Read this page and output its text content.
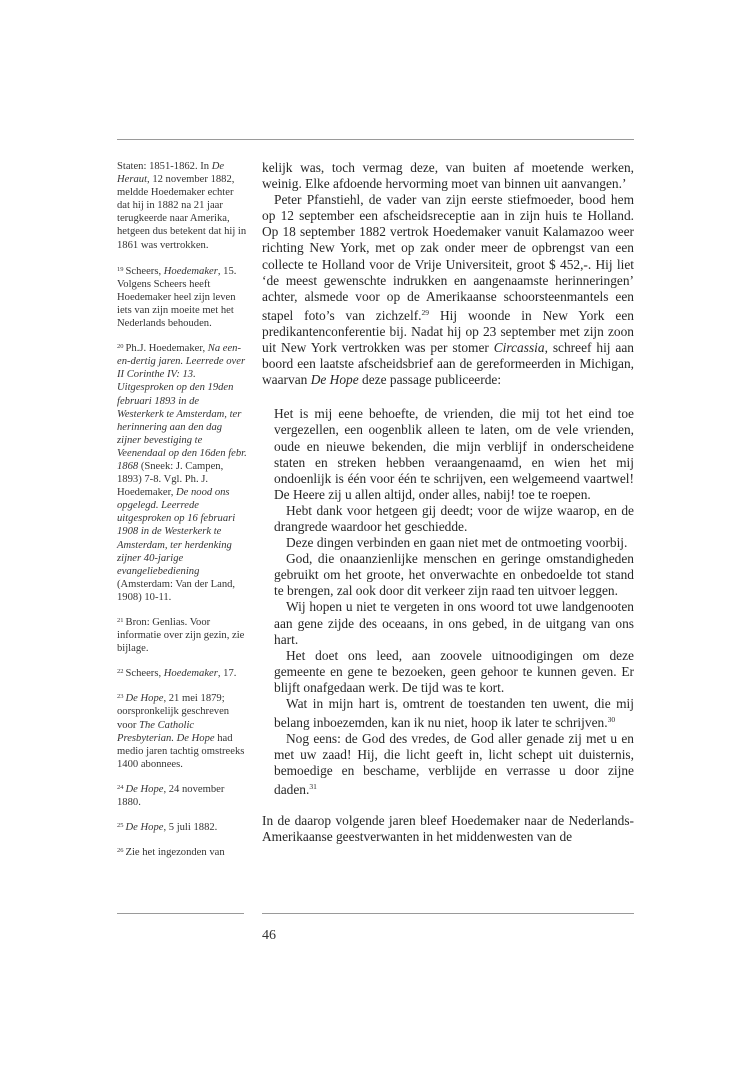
Staten: 1851-1862. In De Heraut, 12 november 1882, meldde Hoedemaker echter dat hij in 1882 na 21 jaar terugkeerde naar Amerika, hetgeen dus betekent dat hij in 1861 was vertrokken.
$^{19}$ Scheers, Hoedemaker, 15. Volgens Scheers heeft Hoedemaker heel zijn leven iets van zijn moeite met het Nederlands behouden.
$^{20}$ Ph.J. Hoedemaker, Na een-en-dertig jaren. Leerrede over II Corinthe IV: 13. Uitgesproken op den 19den februari 1893 in de Westerkerk te Amsterdam, ter herinnering aan den dag zijner bevestiging te Veenendaal op den 16den febr. 1868 (Sneek: J. Campen, 1893) 7-8. Vgl. Ph. J. Hoedemaker, De nood ons opgelegd. Leerrede uitgesproken op 16 februari 1908 in de Westerkerk te Amsterdam, ter herdenking zijner 40-jarige evangeliebediening (Amsterdam: Van der Land, 1908) 10-11.
$^{21}$ Bron: Genlias. Voor informatie over zijn gezin, zie bijlage.
$^{22}$ Scheers, Hoedemaker, 17.
$^{23}$ De Hope, 21 mei 1879; oorspronkelijk geschreven voor The Catholic Presbyterian. De Hope had medio jaren tachtig omstreeks 1400 abonnees.
$^{24}$ De Hope, 24 november 1880.
$^{25}$ De Hope, 5 juli 1882.
$^{26}$ Zie het ingezonden van

kelijk was, toch vermag deze, van buiten af moetende werken, weinig. Elke afdoende hervorming moet van binnen uit aanvangen.’

Peter Pfanstiehl, de vader van zijn eerste stiefmoeder, bood hem op 12 september een afscheidsreceptie aan in zijn huis te Holland. Op 18 september 1882 vertrok Hoedemaker vanuit Kalamazoo weer richting New York, met op zak onder meer de opbrengst van een collecte te Holland voor de Vrije Universiteit, groot $ 452,-. Hij liet ‘de meest gewenschte indrukken en aangenaamste herinneringen’ achter, alsmede voor op de Amerikaanse schoorsteenmantels een stapel foto’s van zichzelf.$^{29}$ Hij woonde in New York een predikantenconferentie bij. Nadat hij op 23 september met zijn zoon uit New York vertrokken was per stomer Circassia, schreef hij aan boord een laatste afscheidsbrief aan de gereformeerden in Michigan, waarvan De Hope deze passage publiceerde:

Het is mij eene behoefte, de vrienden, die mij tot het eind toe vergezellen, een oogenblik alleen te laten, om de vele vrienden, oude en nieuwe bekenden, die mijn verblijf in onderscheidene staten en streken hebben veraangenaamd, en wien het mij ondoenlijk is één voor één te schrijven, een welgemeend vaartwel! De Heere zij u allen altijd, onder alles, nabij! toe te roepen.

Hebt dank voor hetgeen gij deedt; voor de wijze waarop, en de drangrede waardoor het geschiedde.

Deze dingen verbinden en gaan niet met de ontmoeting voorbij.

God, die onaanzienlijke menschen en geringe omstandigheden gebruikt om het groote, het onverwachte en onbedoelde tot stand te brengen, zal ook door dit verkeer zijn raad ten uitvoer leggen.

Wij hopen u niet te vergeten in ons woord tot uwe landgenooten aan gene zijde des oceaans, in ons gebed, in de uitgang van ons hart.

Het doet ons leed, aan zoovele uitnoodigingen om deze gemeente en gene te bezoeken, geen gehoor te kunnen geven. Er blijft onafgedaan werk. De tijd was te kort.

Wat in mijn hart is, omtrent de toestanden ten uwent, die mij belang inboezemden, kan ik nu niet, hoop ik later te schrijven.$^{30}$

Nog eens: de God des vredes, de God aller genade zij met u en met uw zaad! Hij, die licht geeft in, licht schept uit duisternis, bemoedige en beschame, verblijde en verrasse u door zijne daden.$^{31}$

In de daarop volgende jaren bleef Hoedemaker naar de Nederlands-Amerikaanse geestverwanten in het middenwesten van de

46
